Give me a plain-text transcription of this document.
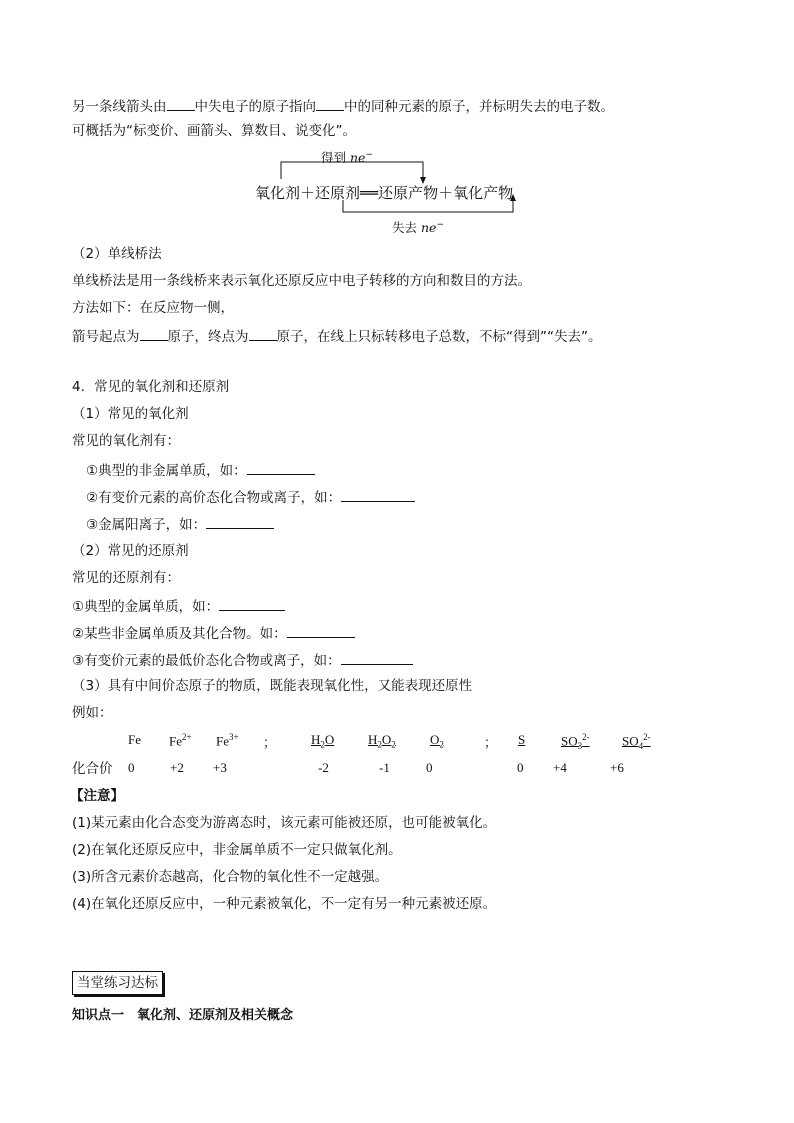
另一条线箭头由 中失电子的原子指向 中的同种元素的原子，并标明失去的电子数。
可概括为“标变价、画箭头、算数目、说变化”。
得到 ne−
氧化剂＋还原剂══还原产物＋氧化产物
失去 ne−
（2）单线桥法
单线桥法是用一条线桥来表示氧化还原反应中电子转移的方向和数目的方法。
方法如下：在反应物一侧，
箭号起点为 原子，终点为 原子，在线上只标转移电子总数，不标“得到”“失去”。
4．常见的氧化剂和还原剂
（1）常见的氧化剂
常见的氧化剂有：
①典型的非金属单质，如：
②有变价元素的高价态化合物或离子，如：
③金属阳离子，如：
（2）常见的还原剂
常见的还原剂有：
①典型的金属单质，如：
②某些非金属单质及其化合物。如：
③有变价元素的最低价态化合物或离子，如：
（3）具有中间价态原子的物质，既能表现氧化性，又能表现还原性
例如：
Fe $Fe^{2+}$ $Fe^{3+}$ ；	$H_2O$	$H_2O_2$	$O_2$	； S	$SO_3^{2-}$ $SO_4^{2-}$
化合价 0	+2 +3	-2	-1	0	0 +4	+6
【注意】
(1)某元素由化合态变为游离态时，该元素可能被还原，也可能被氧化。
(2)在氧化还原反应中，非金属单质不一定只做氧化剂。
(3)所含元素价态越高，化合物的氧化性不一定越强。
(4)在氧化还原反应中，一种元素被氧化，不一定有另一种元素被还原。
当堂练习达标
知识点一　氧化剂、还原剂及相关概念
